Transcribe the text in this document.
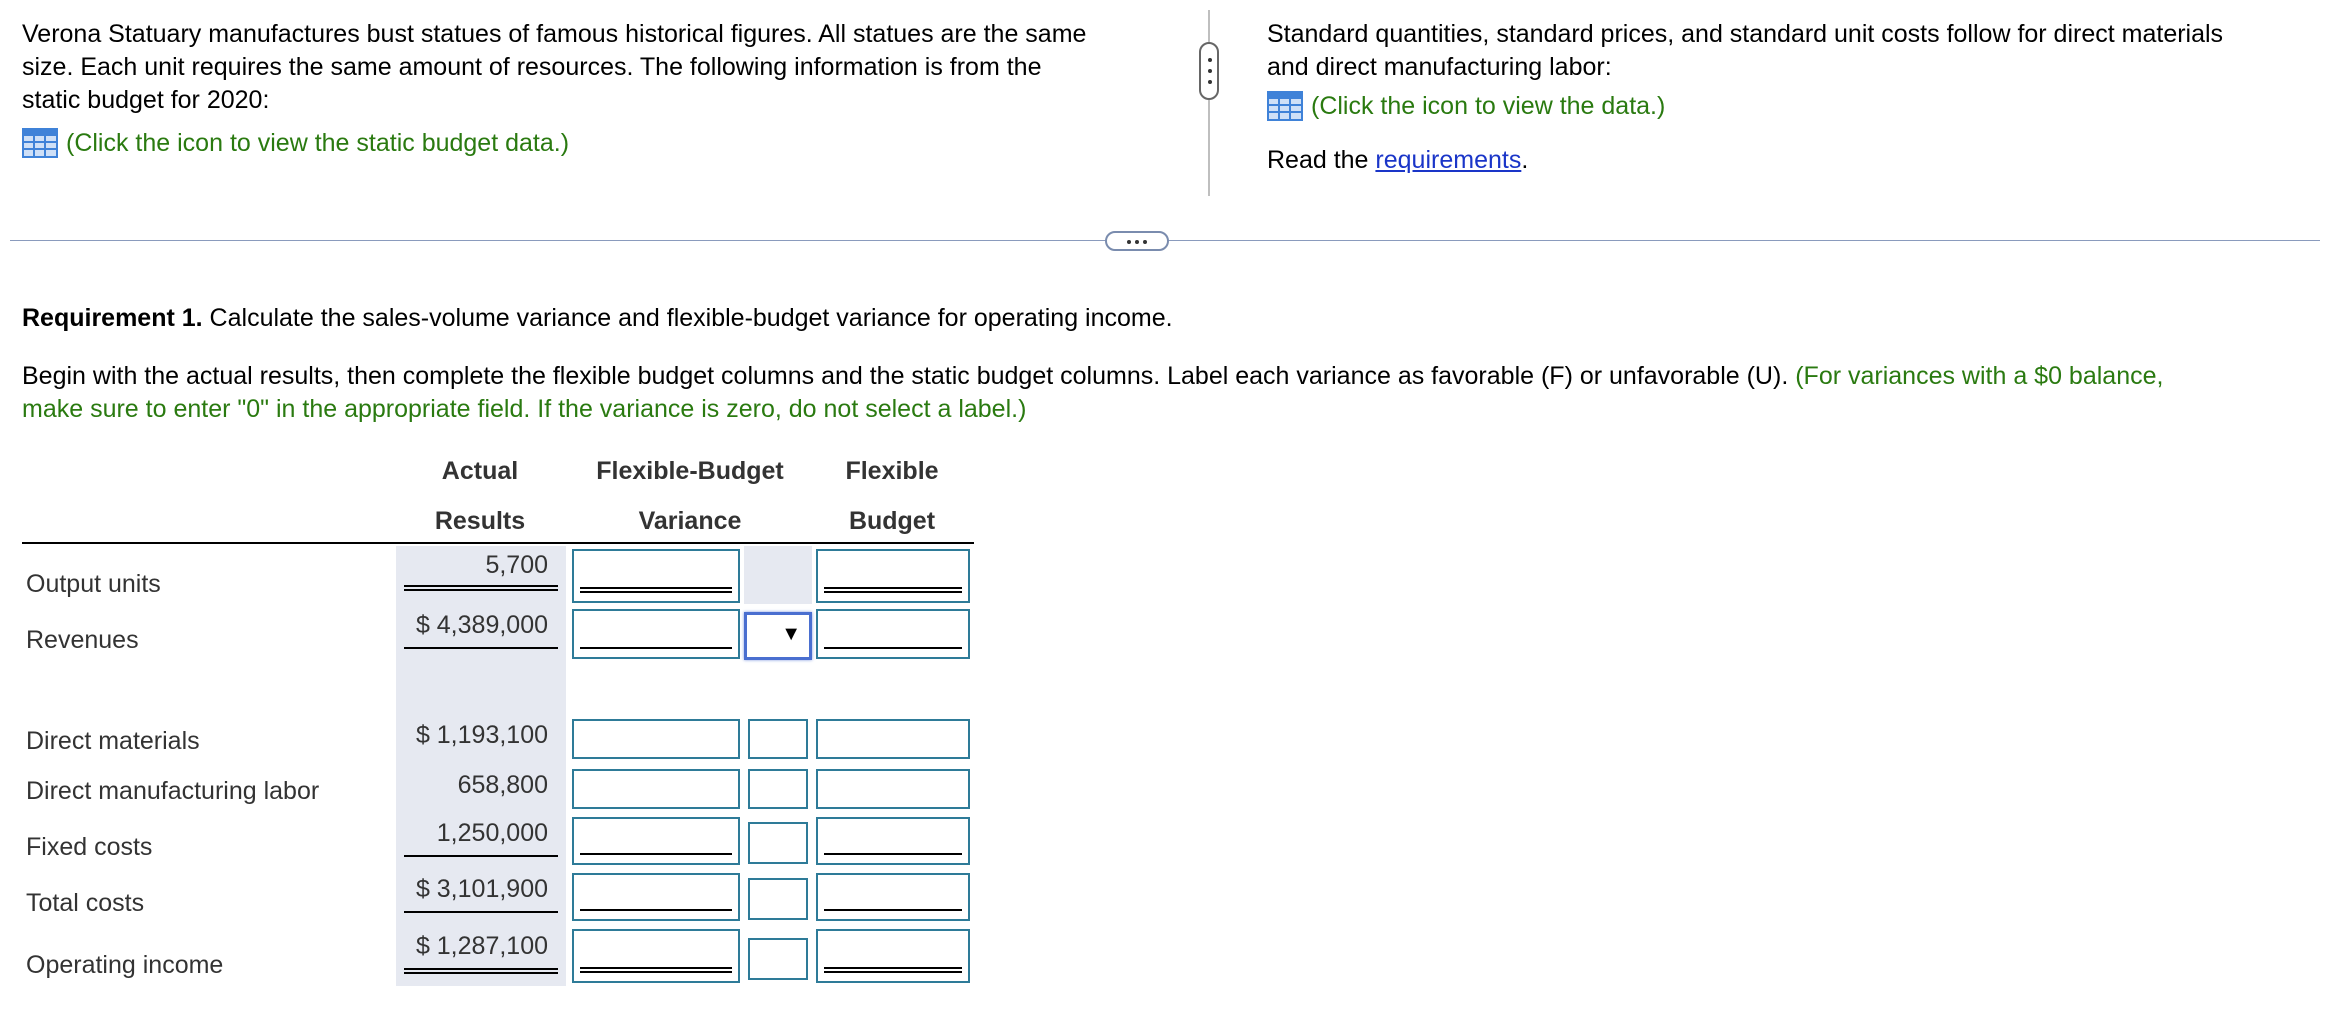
Verona Statuary manufactures bust statues of famous historical figures. All statues are the same

size. Each unit requires the same amount of resources. The following information is from the

static budget for 2020:

(Click the icon to view the static budget data.)

Standard quantities, standard prices, and standard unit costs follow for direct materials

and direct manufacturing labor:

(Click the icon to view the data.)

Read the requirements.

Requirement 1. Calculate the sales-volume variance and flexible-budget variance for operating income.

Begin with the actual results, then complete the flexible budget columns and the static budget columns. Label each variance as favorable (F) or unfavorable (U). (For variances with a $0 balance,
make sure to enter "0" in the appropriate field. If the variance is zero, do not select a label.)

Actual
Results
Flexible-Budget
Variance
Flexible
Budget
Output units
Revenues
Direct materials
Direct manufacturing labor
Fixed costs
Total costs
Operating income
5,700
$ 4,389,000
$ 1,193,100
658,800
1,250,000
$ 3,101,900
$ 1,287,100
▼
